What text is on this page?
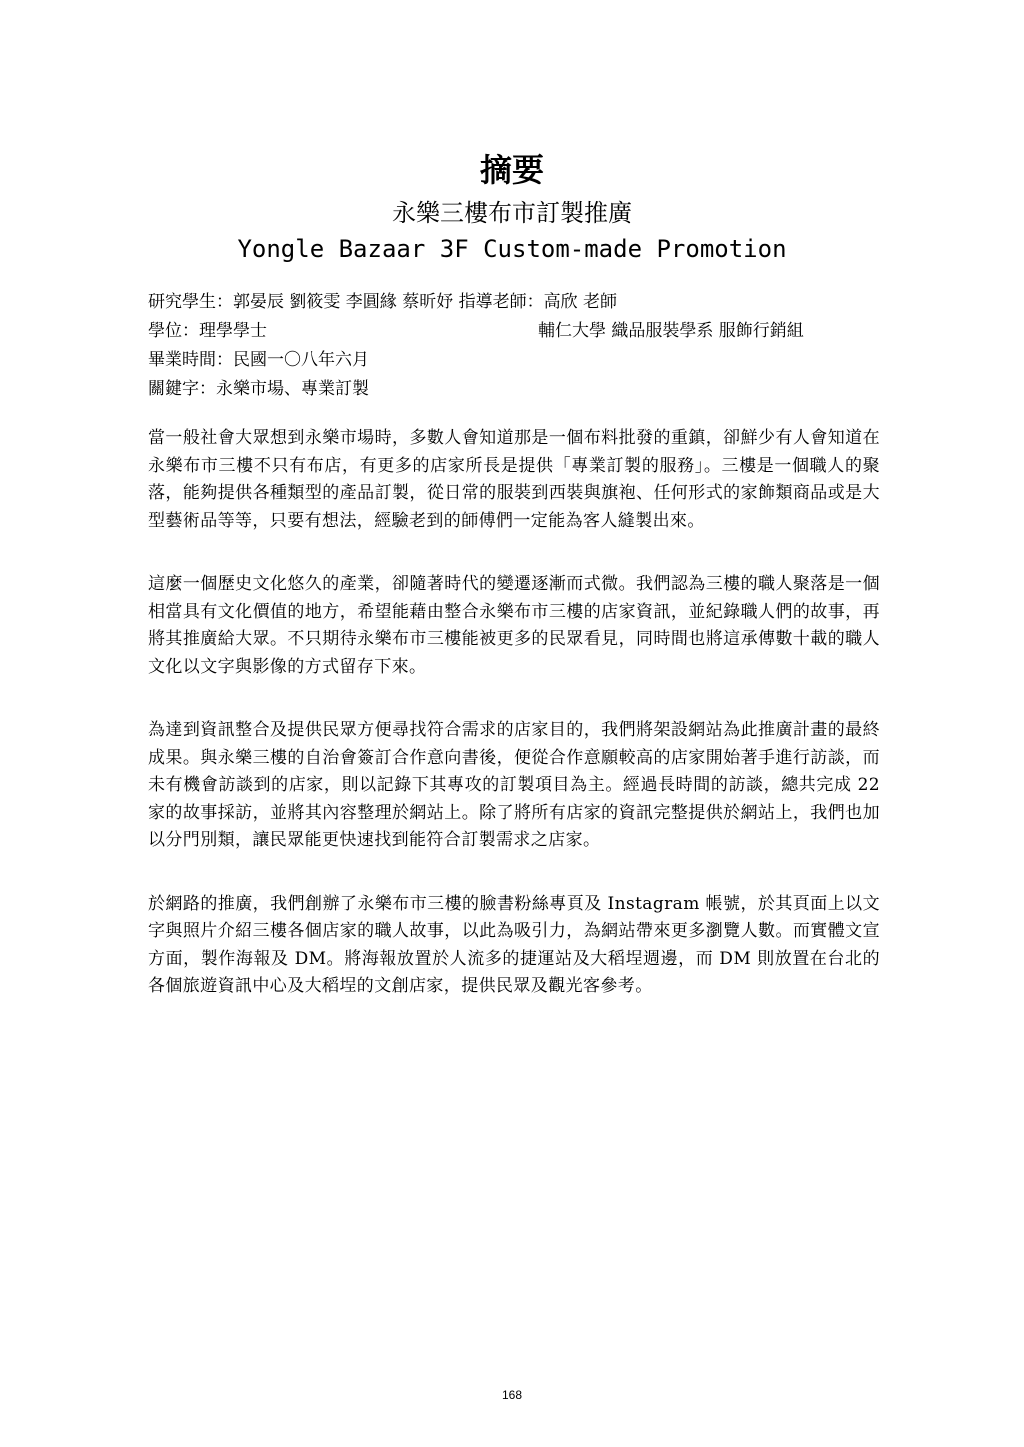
摘要
永樂三樓布市訂製推廣
Yongle Bazaar 3F Custom-made Promotion
研究學生：郭晏辰 劉筱雯 李圓緣 蔡昕妤 指導老師：高欣 老師
學位：理學學士	輔仁大學 織品服裝學系 服飾行銷組
畢業時間：民國一〇八年六月
關鍵字：永樂市場、專業訂製

當一般社會大眾想到永樂市場時，多數人會知道那是一個布料批發的重鎮，卻鮮少有人會知道在永樂布市三樓不只有布店，有更多的店家所長是提供「專業訂製的服務」。三樓是一個職人的聚落，能夠提供各種類型的產品訂製，從日常的服裝到西裝與旗袍、任何形式的家飾類商品或是大型藝術品等等，只要有想法，經驗老到的師傅們一定能為客人縫製出來。

這麼一個歷史文化悠久的產業，卻隨著時代的變遷逐漸而式微。我們認為三樓的職人聚落是一個相當具有文化價值的地方，希望能藉由整合永樂布市三樓的店家資訊，並紀錄職人們的故事，再將其推廣給大眾。不只期待永樂布市三樓能被更多的民眾看見，同時間也將這承傳數十載的職人文化以文字與影像的方式留存下來。

為達到資訊整合及提供民眾方便尋找符合需求的店家目的，我們將架設網站為此推廣計畫的最終成果。與永樂三樓的自治會簽訂合作意向書後，便從合作意願較高的店家開始著手進行訪談，而未有機會訪談到的店家，則以記錄下其專攻的訂製項目為主。經過長時間的訪談，總共完成 22 家的故事採訪，並將其內容整理於網站上。除了將所有店家的資訊完整提供於網站上，我們也加以分門別類，讓民眾能更快速找到能符合訂製需求之店家。

於網路的推廣，我們創辦了永樂布市三樓的臉書粉絲專頁及 Instagram 帳號，於其頁面上以文字與照片介紹三樓各個店家的職人故事，以此為吸引力，為網站帶來更多瀏覽人數。而實體文宣方面，製作海報及 DM。將海報放置於人流多的捷運站及大稻埕週邊，而 DM 則放置在台北的各個旅遊資訊中心及大稻埕的文創店家，提供民眾及觀光客參考。

168
